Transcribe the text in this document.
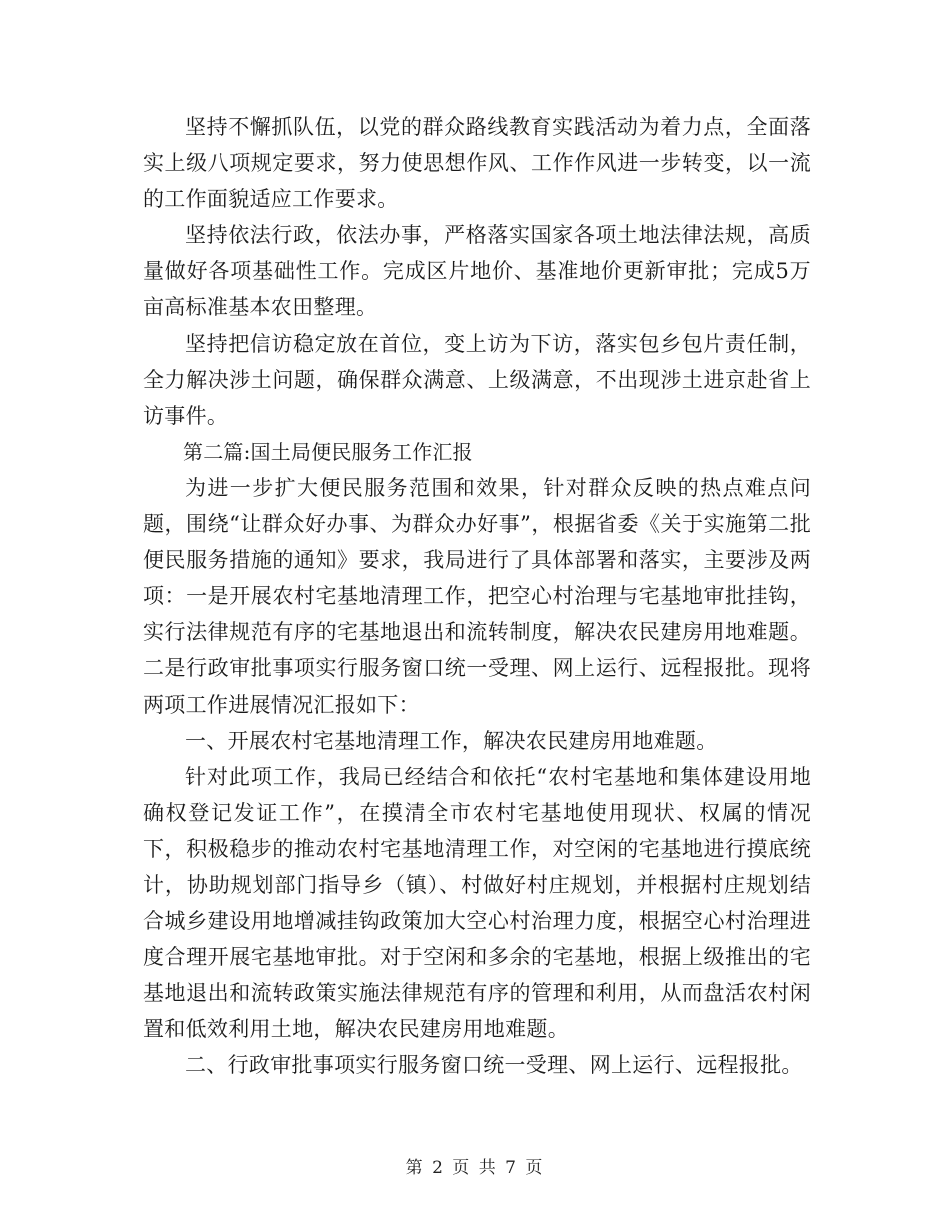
坚持不懈抓队伍，以党的群众路线教育实践活动为着力点，全面落实上级八项规定要求，努力使思想作风、工作作风进一步转变，以一流的工作面貌适应工作要求。

坚持依法行政，依法办事，严格落实国家各项土地法律法规，高质量做好各项基础性工作。完成区片地价、基准地价更新审批；完成5万亩高标准基本农田整理。

坚持把信访稳定放在首位，变上访为下访，落实包乡包片责任制，全力解决涉土问题，确保群众满意、上级满意，不出现涉土进京赴省上访事件。

第二篇:国土局便民服务工作汇报

为进一步扩大便民服务范围和效果，针对群众反映的热点难点问题，围绕“让群众好办事、为群众办好事”，根据省委《关于实施第二批便民服务措施的通知》要求，我局进行了具体部署和落实，主要涉及两项：一是开展农村宅基地清理工作，把空心村治理与宅基地审批挂钩，实行法律规范有序的宅基地退出和流转制度，解决农民建房用地难题。二是行政审批事项实行服务窗口统一受理、网上运行、远程报批。现将两项工作进展情况汇报如下：

一、开展农村宅基地清理工作，解决农民建房用地难题。

针对此项工作，我局已经结合和依托“农村宅基地和集体建设用地确权登记发证工作”，在摸清全市农村宅基地使用现状、权属的情况下，积极稳步的推动农村宅基地清理工作，对空闲的宅基地进行摸底统计，协助规划部门指导乡（镇）、村做好村庄规划，并根据村庄规划结合城乡建设用地增减挂钩政策加大空心村治理力度，根据空心村治理进度合理开展宅基地审批。对于空闲和多余的宅基地，根据上级推出的宅基地退出和流转政策实施法律规范有序的管理和利用，从而盘活农村闲置和低效利用土地，解决农民建房用地难题。

二、行政审批事项实行服务窗口统一受理、网上运行、远程报批。

第 2 页 共 7 页
